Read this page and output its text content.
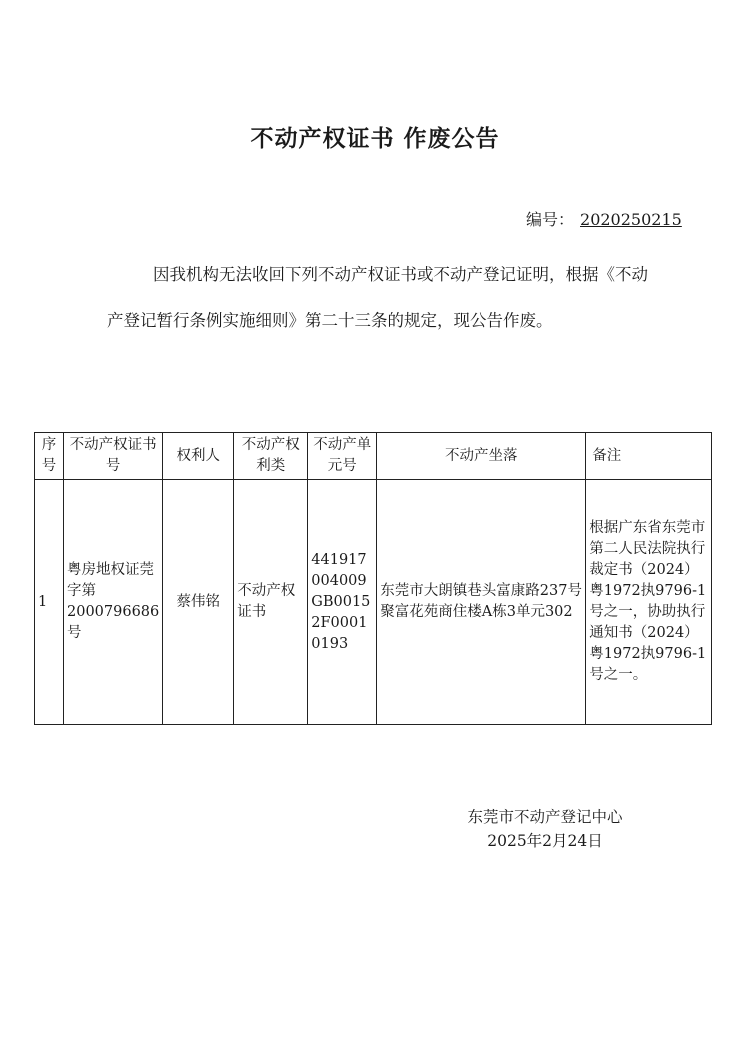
不动产权证书 作废公告
编号： 2020250215
因我机构无法收回下列不动产权证书或不动产登记证明，根据《不动产登记暂行条例实施细则》第二十三条的规定，现公告作废。
序号	不动产权证书号	权利人	不动产权利类	不动产单元号	不动产坐落	备注
1	粤房地权证莞字第2000796686号	蔡伟铭	不动产权证书	441917004009GB00152F00010193	东莞市大朗镇巷头富康路237号聚富花苑商住楼A栋3单元302	根据广东省东莞市第二人民法院执行裁定书（2024）粤1972执9796-1号之一，协助执行通知书（2024）粤1972执9796-1号之一。
东莞市不动产登记中心
2025年2月24日
